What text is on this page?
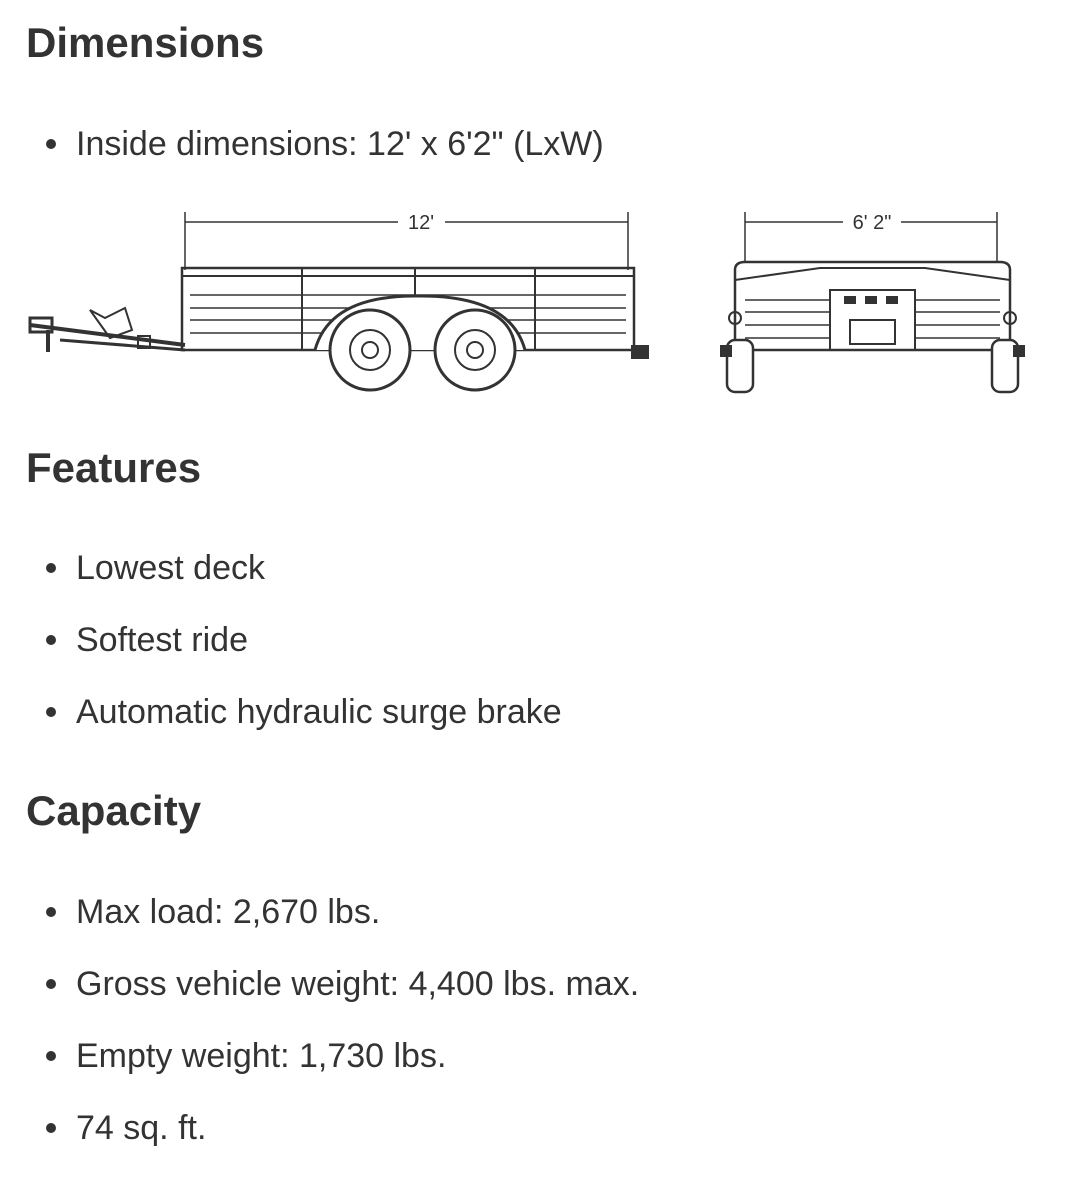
Dimensions
Inside dimensions: 12' x 6'2" (LxW)
12'	6' 2"
Features
Lowest deck
Softest ride
Automatic hydraulic surge brake
Capacity
Max load: 2,670 lbs.
Gross vehicle weight: 4,400 lbs. max.
Empty weight: 1,730 lbs.
74 sq. ft.
